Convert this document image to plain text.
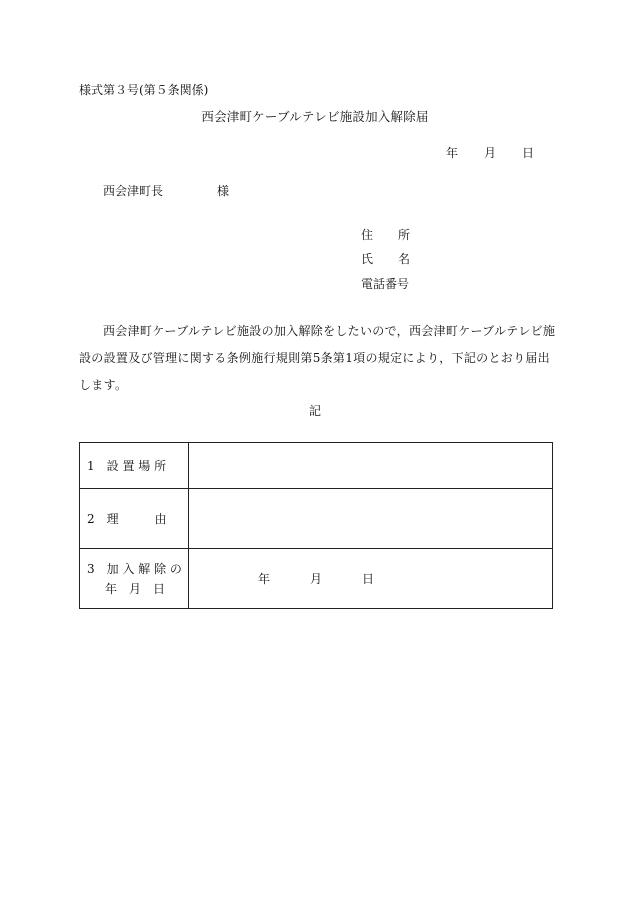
様式第３号(第５条関係)
西会津町ケーブルテレビ施設加入解除届
年 月 日
西会津町長	様
住 所
氏 名
電話番号
西会津町ケーブルテレビ施設の加入解除をしたいので，西会津町ケーブルテレビ施設の設置及び管理に関する条例施行規則第5条第1項の規定により，下記のとおり届出します。
記
1　設 置 場 所	

2　理　　　由	

3　加 入 解 除 の
年　月　日	年 月 日
